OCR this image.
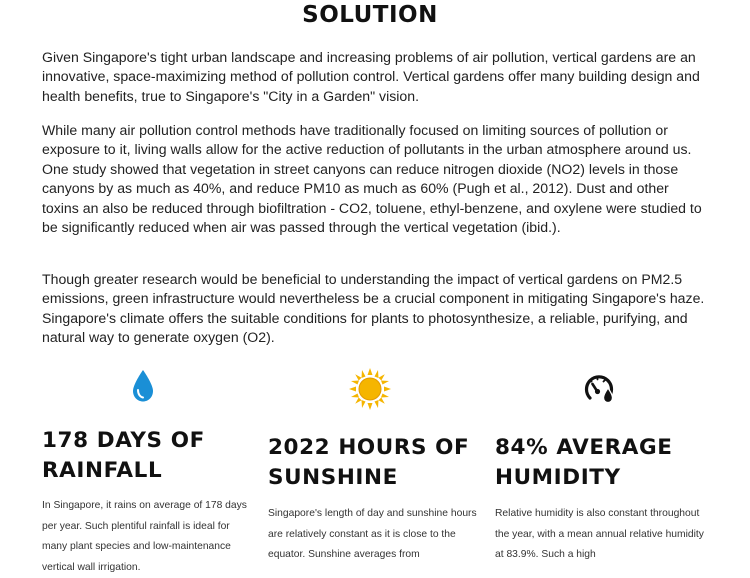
SOLUTION

Given Singapore's tight urban landscape and increasing problems of air pollution, vertical gardens are an innovative, space-maximizing method of pollution control. Vertical gardens offer many building design and health benefits, true to Singapore's "City in a Garden" vision.

While many air pollution control methods have traditionally focused on limiting sources of pollution or exposure to it, living walls allow for the active reduction of pollutants in the urban atmosphere around us. One study showed that vegetation in street canyons can reduce nitrogen dioxide (NO2) levels in those canyons by as much as 40%, and reduce PM10 as much as 60% (Pugh et al., 2012). Dust and other toxins an also be reduced through biofiltration - CO2, toluene, ethyl-benzene, and oxylene were studied to be significantly reduced when air was passed through the vertical vegetation (ibid.).

Though greater research would be beneficial to understanding the impact of vertical gardens on PM2.5 emissions, green infrastructure would nevertheless be a crucial component in mitigating Singapore's haze. Singapore's climate offers the suitable conditions for plants to photosynthesize, a reliable, purifying, and natural way to generate oxygen (O2).

178 DAYS OF RAINFALL

In Singapore, it rains on average of 178 days per year. Such plentiful rainfall is ideal for many plant species and low-maintenance vertical wall irrigation.

2022 HOURS OF SUNSHINE

Singapore's length of day and sunshine hours are relatively constant as it is close to the equator. Sunshine averages from

84% AVERAGE HUMIDITY

Relative humidity is also constant throughout the year, with a mean annual relative humidity at 83.9%. Such a high
